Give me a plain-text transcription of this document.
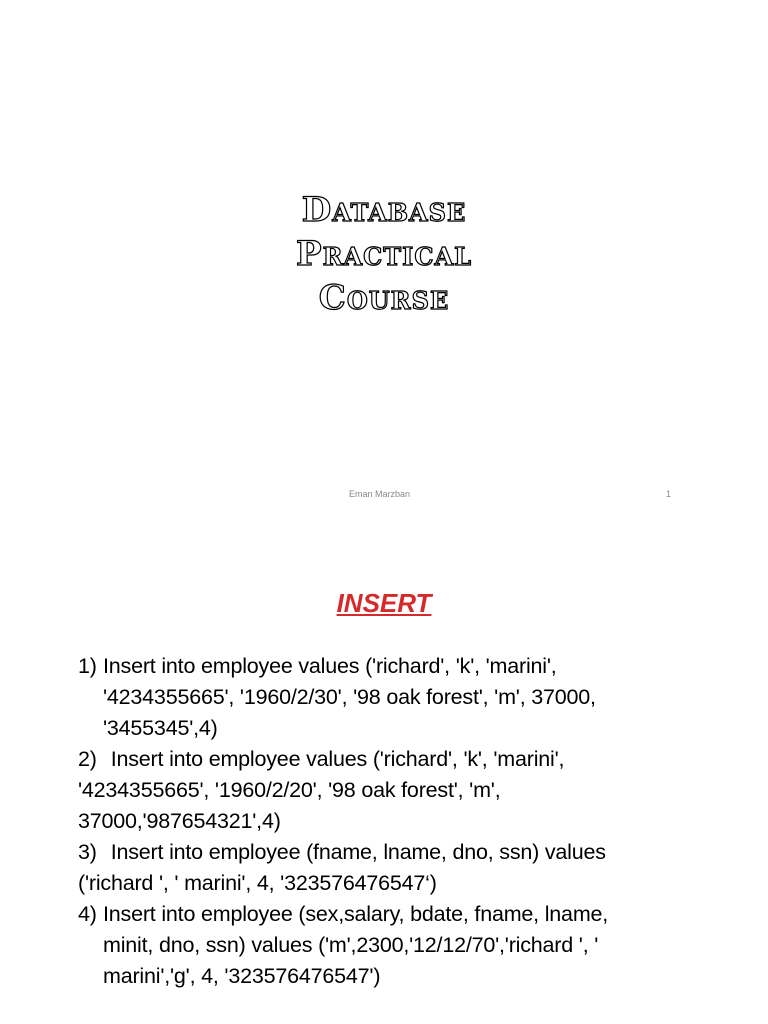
Database
Practical
Course
Eman Marzban	1
INSERT
1) Insert into employee values ('richard', 'k', 'marini',
'4234355665', '1960/2/30', '98 oak forest', 'm', 37000,
'3455345',4)
2) Insert into employee values ('richard', 'k', 'marini',
'4234355665', '1960/2/20', '98 oak forest', 'm',
37000,'987654321',4)
3) Insert into employee (fname, lname, dno, ssn) values
('richard ', ' marini', 4, '323576476547‘)
4) Insert into employee (sex,salary, bdate, fname, lname,
minit, dno, ssn) values ('m',2300,'12/12/70','richard ', '
marini','g', 4, '323576476547')
